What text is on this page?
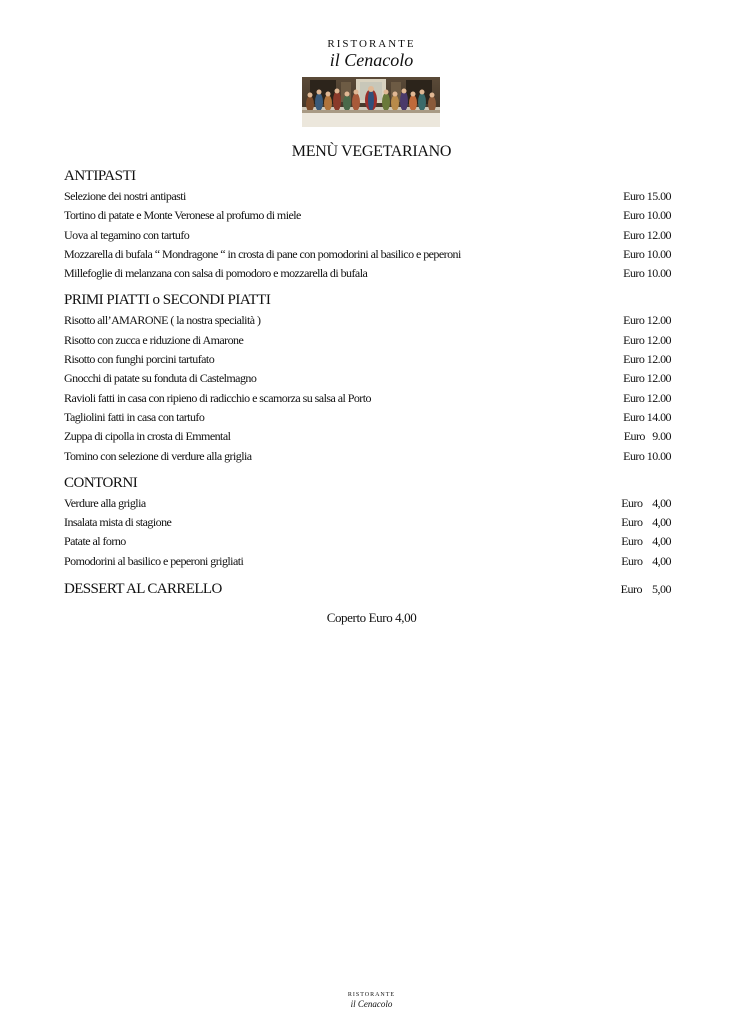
RISTORANTE
il Cenacolo
MENÙ VEGETARIANO
ANTIPASTI
Selezione dei nostri antipasti	Euro 15.00
Tortino di patate e Monte Veronese al profumo di miele	Euro 10.00
Uova al tegamino con tartufo	Euro 12.00
Mozzarella di bufala “ Mondragone “ in crosta di pane con pomodorini al basilico e peperoni	Euro 10.00
Millefoglie di melanzana con salsa di pomodoro e mozzarella di bufala	Euro 10.00
PRIMI PIATTI o SECONDI PIATTI
Risotto all’AMARONE ( la nostra specialità )	Euro 12.00
Risotto con zucca e riduzione di Amarone	Euro 12.00
Risotto con funghi porcini tartufato	Euro 12.00
Gnocchi di patate su fonduta di Castelmagno	Euro 12.00
Ravioli fatti in casa con ripieno di radicchio e scamorza su salsa al Porto	Euro 12.00
Tagliolini fatti in casa con tartufo	Euro 14.00
Zuppa di cipolla in crosta di Emmental	Euro   9.00
Tomino con selezione di verdure alla griglia	Euro 10.00
CONTORNI
Verdure alla griglia	Euro    4,00
Insalata mista di stagione	Euro    4,00
Patate al forno	Euro    4,00
Pomodorini al basilico e peperoni grigliati	Euro    4,00
DESSERT AL CARRELLO	Euro    5,00
Coperto Euro 4,00
RISTORANTE
il Cenacolo
